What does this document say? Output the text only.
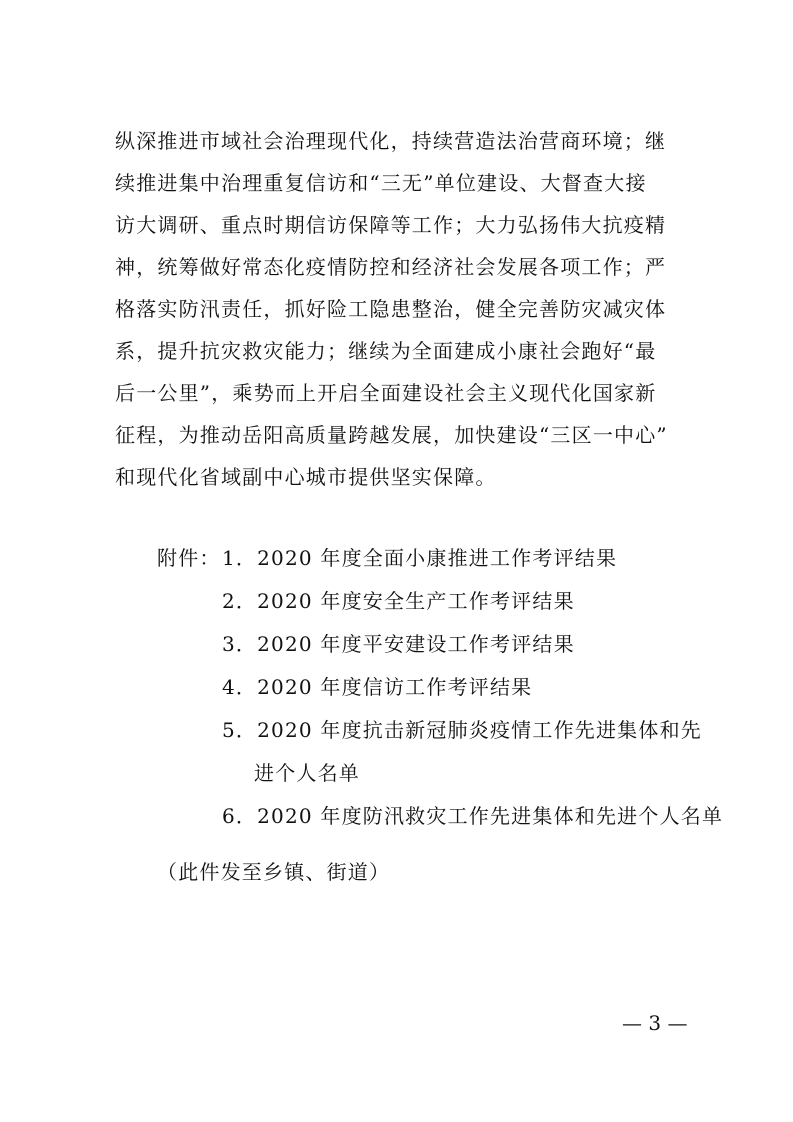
纵深推进市域社会治理现代化，持续营造法治营商环境；继
续推进集中治理重复信访和“三无”单位建设、大督查大接
访大调研、重点时期信访保障等工作；大力弘扬伟大抗疫精
神，统筹做好常态化疫情防控和经济社会发展各项工作；严
格落实防汛责任，抓好险工隐患整治，健全完善防灾减灾体
系，提升抗灾救灾能力；继续为全面建成小康社会跑好“最
后一公里”，乘势而上开启全面建设社会主义现代化国家新
征程，为推动岳阳高质量跨越发展，加快建设“三区一中心”
和现代化省域副中心城市提供坚实保障。
附件： 1．2020 年度全面小康推进工作考评结果
2．2020 年度安全生产工作考评结果
3．2020 年度平安建设工作考评结果
4．2020 年度信访工作考评结果
5．2020 年度抗击新冠肺炎疫情工作先进集体和先
进个人名单
6．2020 年度防汛救灾工作先进集体和先进个人名单
（此件发至乡镇、街道）
— 3 —
